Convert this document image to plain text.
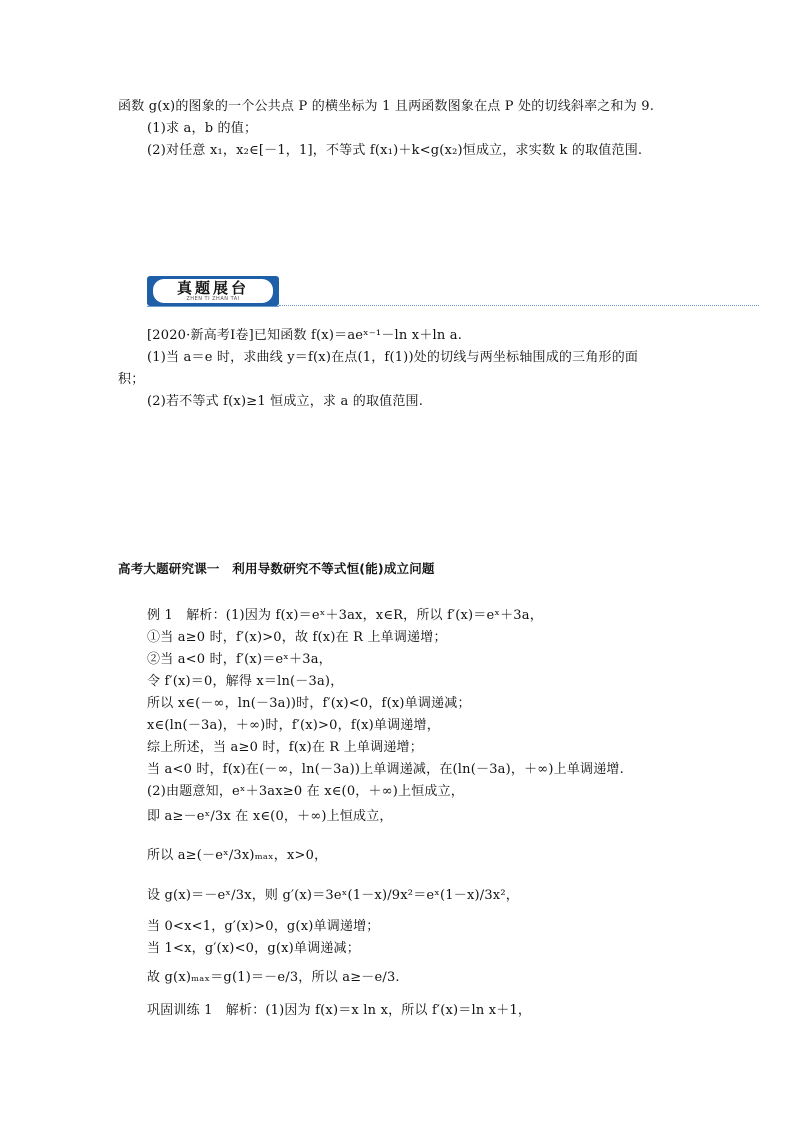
函数 g(x)的图象的一个公共点 P 的横坐标为 1 且两函数图象在点 P 处的切线斜率之和为 9.
(1)求 a，b 的值；
(2)对任意 x₁，x₂∈[－1，1]，不等式 f(x₁)＋k<g(x₂)恒成立，求实数 k 的取值范围.
真题展台
ZHEN TI ZHAN TAI
[2020·新高考Ⅰ卷]已知函数 f(x)＝aeˣ⁻¹－ln x＋ln a.
(1)当 a＝e 时，求曲线 y＝f(x)在点(1，f(1))处的切线与两坐标轴围成的三角形的面
积；
(2)若不等式 f(x)≥1 恒成立，求 a 的取值范围.
高考大题研究课一　利用导数研究不等式恒(能)成立问题
例 1　解析：(1)因为 f(x)＝eˣ＋3ax，x∈R，所以 f′(x)＝eˣ＋3a，
①当 a≥0 时，f′(x)>0，故 f(x)在 R 上单调递增；
②当 a<0 时，f′(x)＝eˣ＋3a，
令 f′(x)＝0，解得 x＝ln(－3a)，
所以 x∈(－∞，ln(－3a))时，f′(x)<0，f(x)单调递减；
x∈(ln(－3a)，＋∞)时，f′(x)>0，f(x)单调递增，
综上所述，当 a≥0 时，f(x)在 R 上单调递增；
当 a<0 时，f(x)在(－∞，ln(－3a))上单调递减，在(ln(－3a)，＋∞)上单调递增.
(2)由题意知，eˣ＋3ax≥0 在 x∈(0，＋∞)上恒成立，
即 a≥－eˣ/3x 在 x∈(0，＋∞)上恒成立，
所以 a≥(－eˣ/3x)ₘₐₓ，x>0，
设 g(x)＝－eˣ/3x，则 g′(x)＝3eˣ(1－x)/9x²＝eˣ(1－x)/3x²，
当 0<x<1，g′(x)>0，g(x)单调递增；
当 1<x，g′(x)<0，g(x)单调递减；
故 g(x)ₘₐₓ＝g(1)＝－e/3，所以 a≥－e/3.
巩固训练 1　解析：(1)因为 f(x)＝x ln x，所以 f′(x)＝ln x＋1，
